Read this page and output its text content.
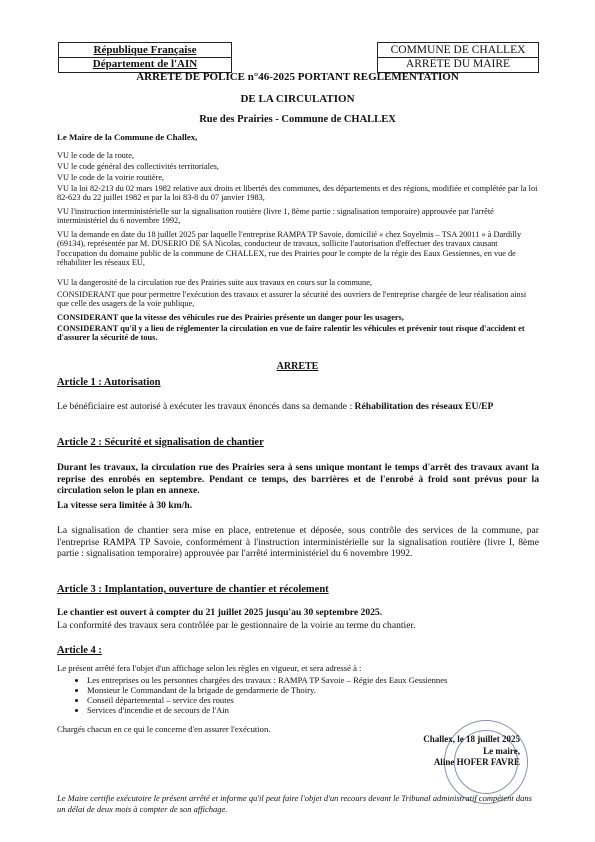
République Française
Département de l'AIN
COMMUNE DE CHALLEX
ARRETE DU MAIRE
ARRETE DE POLICE n°46-2025 PORTANT REGLEMENTATION
DE LA CIRCULATION
Rue des Prairies - Commune de CHALLEX
Le Maire de la Commune de Challex,
VU le code de la route,
VU le code général des collectivités territoriales,
VU le code de la voirie routière,
VU la loi 82-213 du 02 mars 1982 relative aux droits et libertés des communes, des départements et des régions, modifiée et complétée par la loi 82-623 du 22 juillet 1982 et par la loi 83-8 du 07 janvier 1983,
VU l'instruction interministérielle sur la signalisation routière (livre 1, 8ème partie : signalisation temporaire) approuvée par l'arrêté interministériel du 6 novembre 1992,
VU la demande en date du 18 juillet 2025 par laquelle l'entreprise RAMPA TP Savoie, domicilié « chez Soyelmis – TSA 20011 » à Dardilly (69134), représentée par M. DUSERIO DE SA Nicolas, conducteur de travaux, sollicite l'autorisation d'effectuer des travaux causant l'occupation du domaine public de la commune de CHALLEX, rue des Prairies pour le compte de la régie des Eaux Gessiennes, en vue de réhabiliter les réseaux EU,
VU la dangerosité de la circulation rue des Prairies suite aux travaux en cours sur la commune,
CONSIDERANT que pour permettre l'exécution des travaux et assurer la sécurité des ouvriers de l'entreprise chargée de leur réalisation ainsi que celle des usagers de la voie publique,
CONSIDERANT que la vitesse des véhicules rue des Prairies présente un danger pour les usagers,
CONSIDERANT qu'il y a lieu de réglementer la circulation en vue de faire ralentir les véhicules et prévenir tout risque d'accident et d'assurer la sécurité de tous.
ARRETE
Article 1 : Autorisation
Le bénéficiaire est autorisé à exécuter les travaux énoncés dans sa demande : Réhabilitation des réseaux EU/EP
Article 2 : Sécurité et signalisation de chantier
Durant les travaux, la circulation rue des Prairies sera à sens unique montant le temps d'arrêt des travaux avant la reprise des enrobés en septembre. Pendant ce temps, des barrières et de l'enrobé à froid sont prévus pour la circulation selon le plan en annexe.
La vitesse sera limitée à 30 km/h.
La signalisation de chantier sera mise en place, entretenue et déposée, sous contrôle des services de la commune, par l'entreprise RAMPA TP Savoie, conformément à l'instruction interministérielle sur la signalisation routière (livre I, 8ème partie : signalisation temporaire) approuvée par l'arrêté interministériel du 6 novembre 1992.
Article 3 : Implantation, ouverture de chantier et récolement
Le chantier est ouvert à compter du 21 juillet 2025 jusqu'au 30 septembre 2025.
La conformité des travaux sera contrôlée par le gestionnaire de la voirie au terme du chantier.
Article 4 :
Le présent arrêté fera l'objet d'un affichage selon les règles en vigueur, et sera adressé à :
• Les entreprises ou les personnes chargées des travaux : RAMPA TP Savoie – Régie des Eaux Gessiennes
• Monsieur le Commandant de la brigade de gendarmerie de Thoiry.
• Conseil départemental – service des routes
• Services d'incendie et de secours de l'Ain
Chargés chacun en ce qui le concerne d'en assurer l'exécution.
Challex, le 18 juillet 2025
Le maire,
Aline HOFER FAVRE
Le Maire certifie exécutoire le présent arrêté et informe qu'il peut faire l'objet d'un recours devant le Tribunal administratif compétent dans un délai de deux mois à compter de son affichage.
